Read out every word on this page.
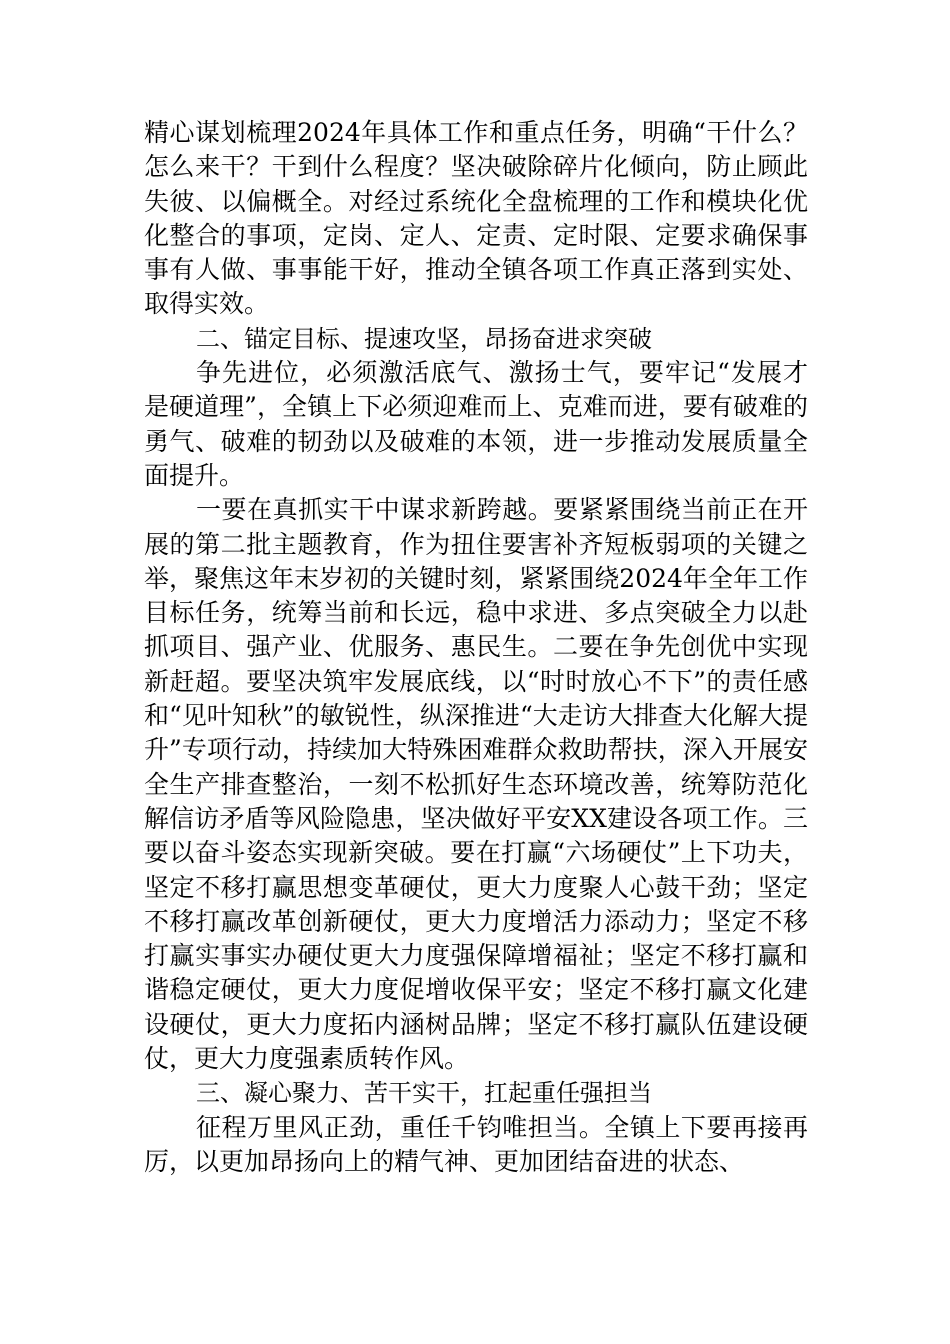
精心谋划梳理2024年具体工作和重点任务，明确“干什么？怎么来干？干到什么程度？坚决破除碎片化倾向，防止顾此失彼、以偏概全。对经过系统化全盘梳理的工作和模块化优化整合的事项，定岗、定人、定责、定时限、定要求确保事事有人做、事事能干好，推动全镇各项工作真正落到实处、取得实效。

二、锚定目标、提速攻坚，昂扬奋进求突破

争先进位，必须激活底气、激扬士气，要牢记“发展才是硬道理”，全镇上下必须迎难而上、克难而进，要有破难的勇气、破难的韧劲以及破难的本领，进一步推动发展质量全面提升。

一要在真抓实干中谋求新跨越。要紧紧围绕当前正在开展的第二批主题教育，作为扭住要害补齐短板弱项的关键之举，聚焦这年末岁初的关键时刻，紧紧围绕2024年全年工作目标任务，统筹当前和长远，稳中求进、多点突破全力以赴抓项目、强产业、优服务、惠民生。二要在争先创优中实现新赶超。要坚决筑牢发展底线，以“时时放心不下”的责任感和“见叶知秋”的敏锐性，纵深推进“大走访大排查大化解大提升”专项行动，持续加大特殊困难群众救助帮扶，深入开展安全生产排查整治，一刻不松抓好生态环境改善，统筹防范化解信访矛盾等风险隐患，坚决做好平安XX建设各项工作。三要以奋斗姿态实现新突破。要在打赢“六场硬仗”上下功夫，坚定不移打赢思想变革硬仗，更大力度聚人心鼓干劲；坚定不移打赢改革创新硬仗，更大力度增活力添动力；坚定不移打赢实事实办硬仗更大力度强保障增福祉；坚定不移打赢和谐稳定硬仗，更大力度促增收保平安；坚定不移打赢文化建设硬仗，更大力度拓内涵树品牌；坚定不移打赢队伍建设硬仗，更大力度强素质转作风。

三、凝心聚力、苦干实干，扛起重任强担当

征程万里风正劲，重任千钧唯担当。全镇上下要再接再厉，以更加昂扬向上的精气神、更加团结奋进的状态、
